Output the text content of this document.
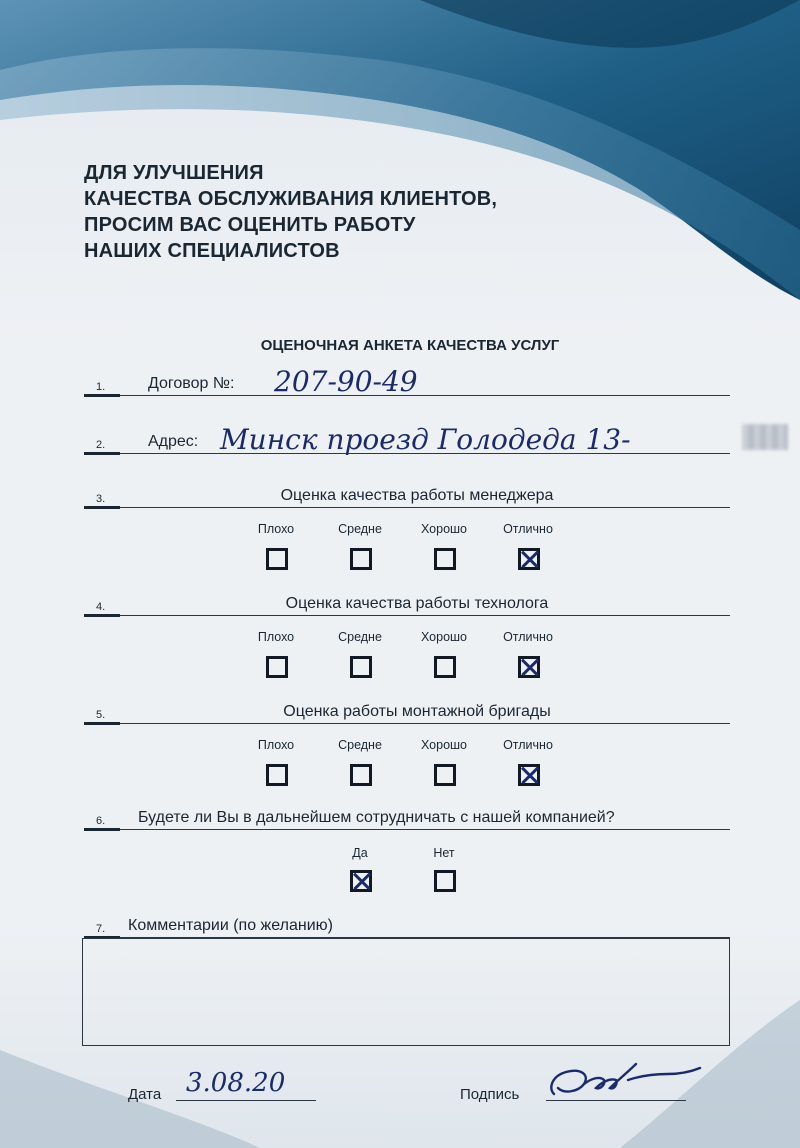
ДЛЯ УЛУЧШЕНИЯ
КАЧЕСТВА ОБСЛУЖИВАНИЯ КЛИЕНТОВ,
ПРОСИМ ВАС ОЦЕНИТЬ РАБОТУ
НАШИХ СПЕЦИАЛИСТОВ
ОЦЕНОЧНАЯ АНКЕТА КАЧЕСТВА УСЛУГ
1.	Договор №: 207-90-49
2.	Адрес: Минск проезд Голодеда 13-
3.	Оценка качества работы менеджера
Плохо	Средне	Хорошо	Отлично
4.	Оценка качества работы технолога
Плохо	Средне	Хорошо	Отлично
5.	Оценка работы монтажной бригады
Плохо	Средне	Хорошо	Отлично
6. Будете ли Вы в дальнейшем сотрудничать с нашей компанией?
Да	Нет
7. Комментарии (по желанию)
Дата 3.08.20	Подпись
